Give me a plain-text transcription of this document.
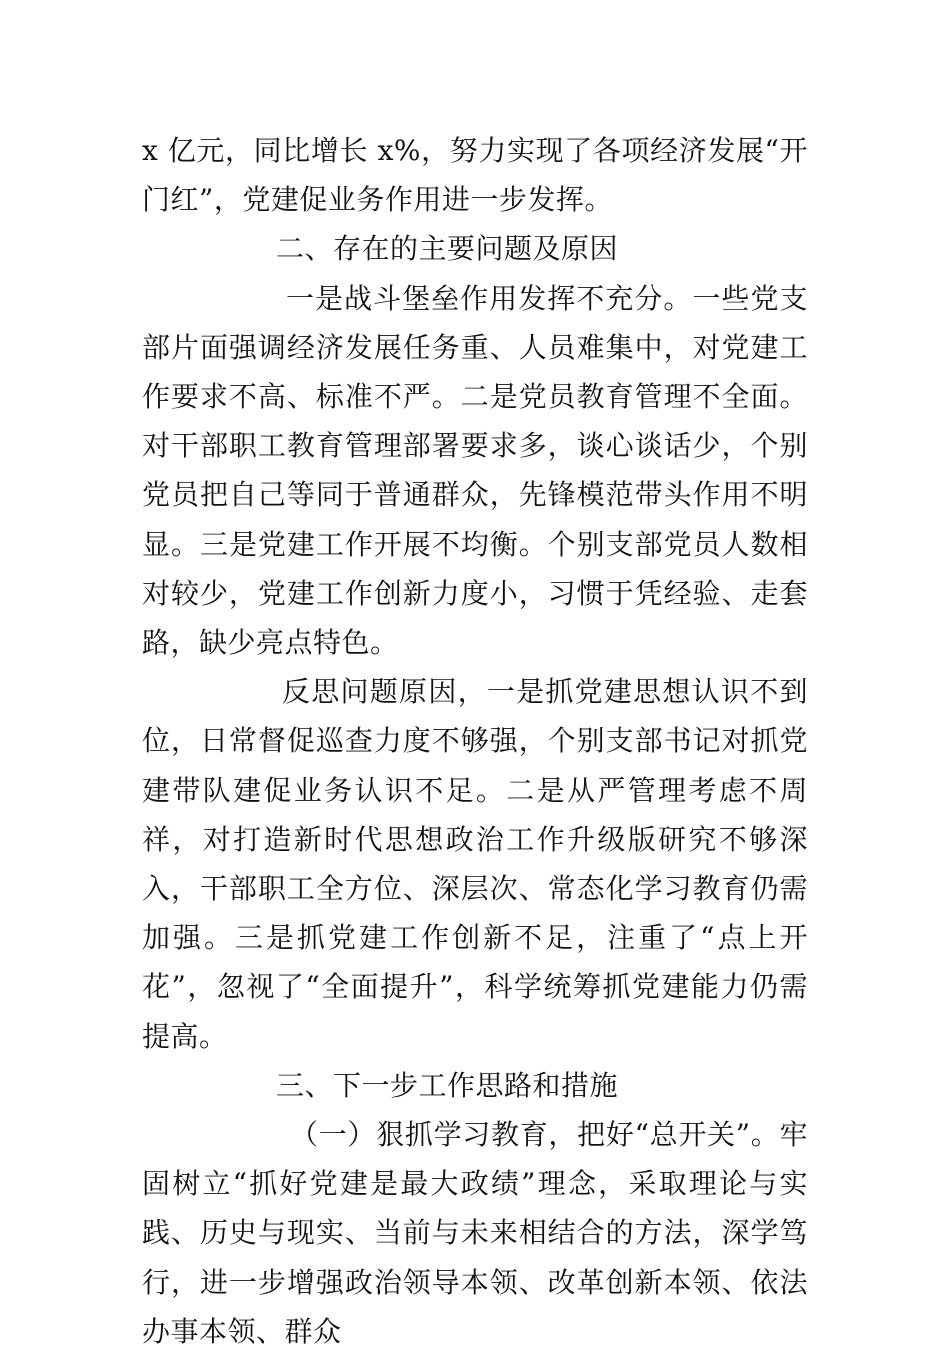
x 亿元，同比增长 x%，努力实现了各项经济发展“开门红”，党建促业务作用进一步发挥。

二、存在的主要问题及原因

一是战斗堡垒作用发挥不充分。一些党支部片面强调经济发展任务重、人员难集中，对党建工作要求不高、标准不严。二是党员教育管理不全面。对干部职工教育管理部署要求多，谈心谈话少，个别党员把自己等同于普通群众，先锋模范带头作用不明显。三是党建工作开展不均衡。个别支部党员人数相对较少，党建工作创新力度小，习惯于凭经验、走套路，缺少亮点特色。

反思问题原因，一是抓党建思想认识不到位，日常督促巡查力度不够强，个别支部书记对抓党建带队建促业务认识不足。二是从严管理考虑不周祥，对打造新时代思想政治工作升级版研究不够深入，干部职工全方位、深层次、常态化学习教育仍需加强。三是抓党建工作创新不足，注重了“点上开花”，忽视了“全面提升”，科学统筹抓党建能力仍需提高。

三、下一步工作思路和措施

（一）狠抓学习教育，把好“总开关”。牢固树立“抓好党建是最大政绩”理念，采取理论与实践、历史与现实、当前与未来相结合的方法，深学笃行，进一步增强政治领导本领、改革创新本领、依法办事本领、群众
